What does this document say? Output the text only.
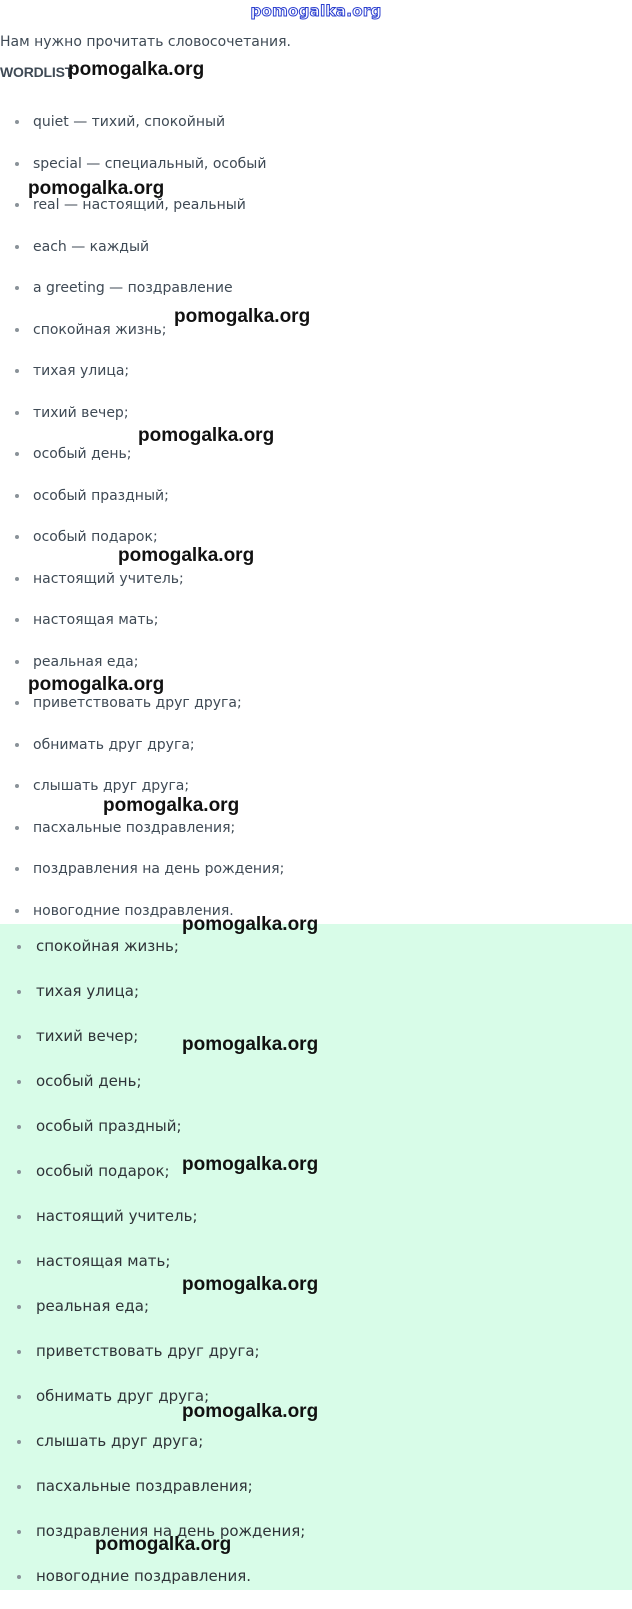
pomogalka.org
Нам нужно прочитать словосочетания.
WORDLIST
quiet — тихий, спокойный
special — специальный, особый
real — настоящий, реальный
each — каждый
a greeting — поздравление
спокойная жизнь;
тихая улица;
тихий вечер;
особый день;
особый праздный;
особый подарок;
настоящий учитель;
настоящая мать;
реальная еда;
приветствовать друг друга;
обнимать друг друга;
слышать друг друга;
пасхальные поздравления;
поздравления на день рождения;
новогодние поздравления.
спокойная жизнь;
тихая улица;
тихий вечер;
особый день;
особый праздный;
особый подарок;
настоящий учитель;
настоящая мать;
реальная еда;
приветствовать друг друга;
обнимать друг друга;
слышать друг друга;
пасхальные поздравления;
поздравления на день рождения;
новогодние поздравления.
pomogalka.org
pomogalka.org
pomogalka.org
pomogalka.org
pomogalka.org
pomogalka.org
pomogalka.org
pomogalka.org
pomogalka.org
pomogalka.org
pomogalka.org
pomogalka.org
pomogalka.org
